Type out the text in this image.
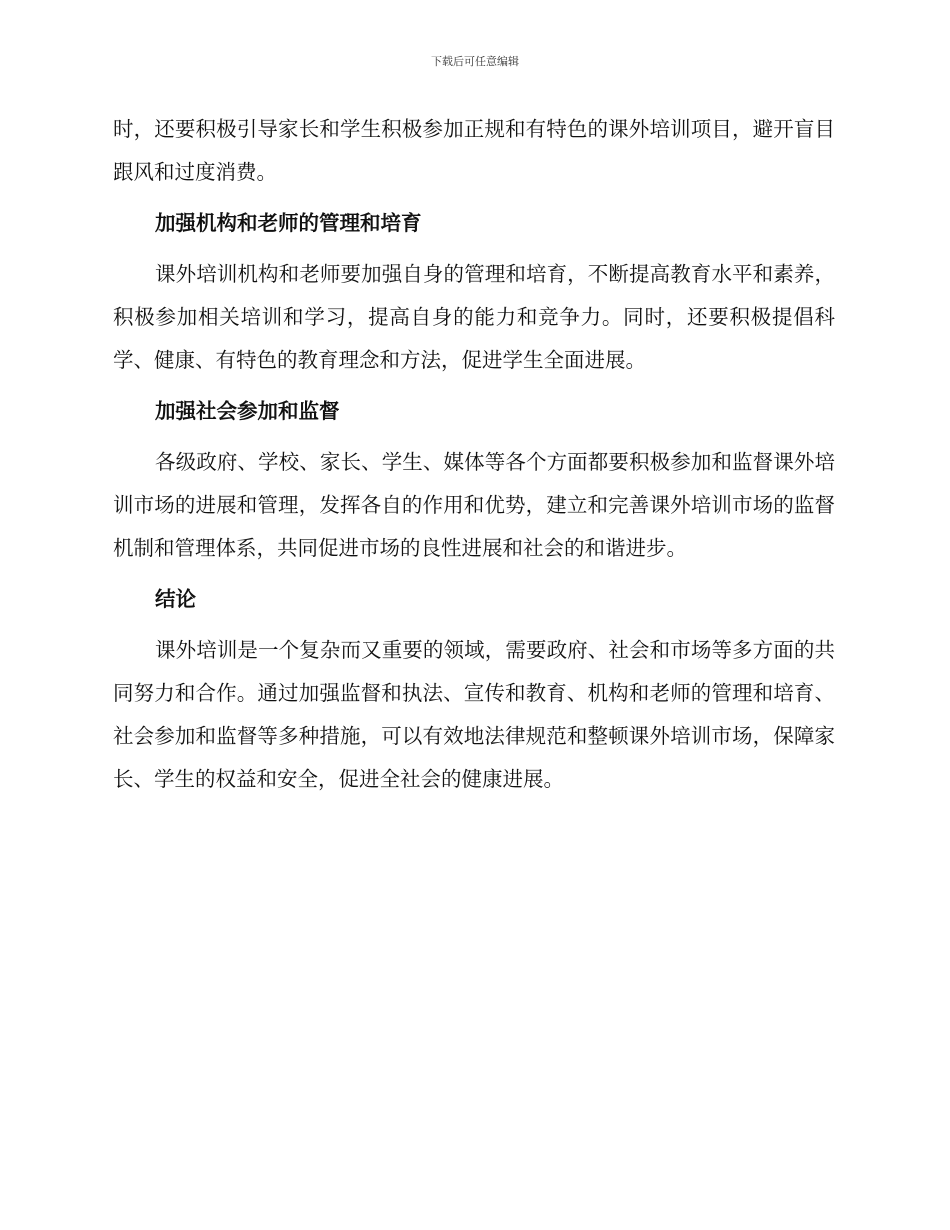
下载后可任意编辑

时，还要积极引导家长和学生积极参加正规和有特色的课外培训项目，避开盲目跟风和过度消费。

加强机构和老师的管理和培育

课外培训机构和老师要加强自身的管理和培育，不断提高教育水平和素养，积极参加相关培训和学习，提高自身的能力和竞争力。同时，还要积极提倡科学、健康、有特色的教育理念和方法，促进学生全面进展。

加强社会参加和监督

各级政府、学校、家长、学生、媒体等各个方面都要积极参加和监督课外培训市场的进展和管理，发挥各自的作用和优势，建立和完善课外培训市场的监督机制和管理体系，共同促进市场的良性进展和社会的和谐进步。

结论

课外培训是一个复杂而又重要的领域，需要政府、社会和市场等多方面的共同努力和合作。通过加强监督和执法、宣传和教育、机构和老师的管理和培育、社会参加和监督等多种措施，可以有效地法律规范和整顿课外培训市场，保障家长、学生的权益和安全，促进全社会的健康进展。
